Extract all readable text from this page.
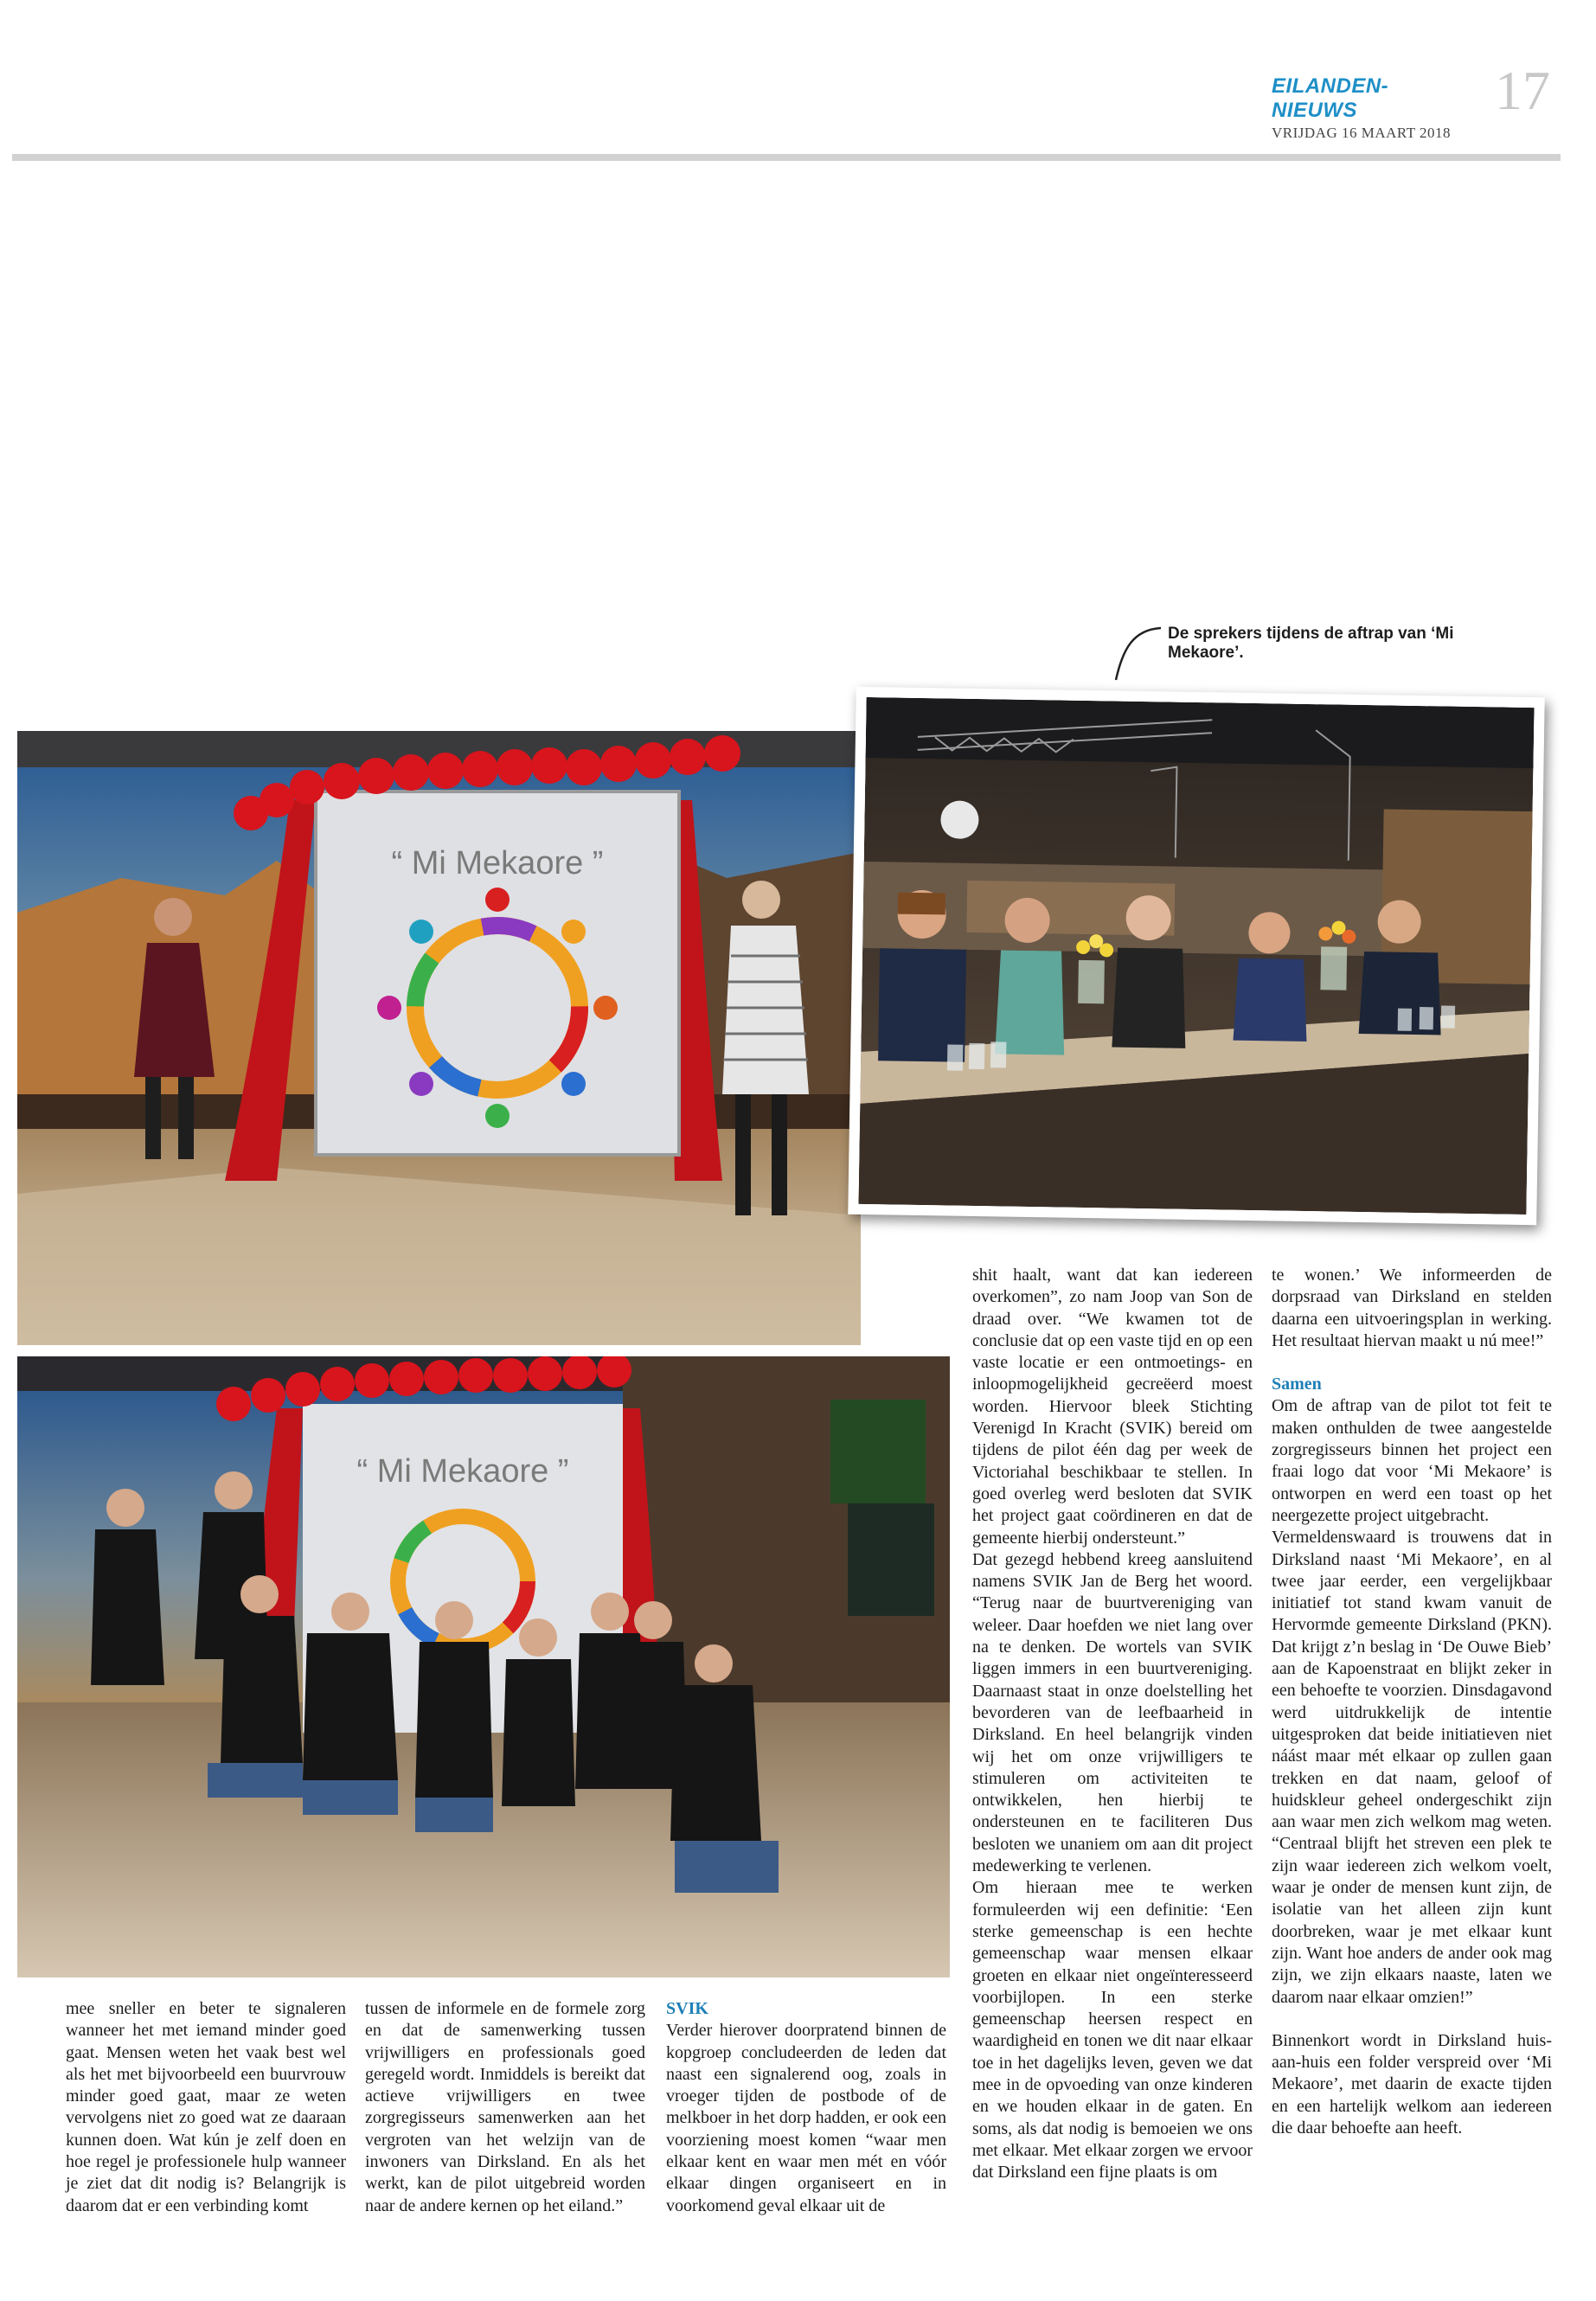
EILANDEN-NIEUWS
VRIJDAG 16 MAART 2018
17
De sprekers tijdens de aftrap van ‘Mi Mekaore’.
“ Mi Mekaore ”
“ Mi Mekaore ”

mee sneller en beter te signaleren wanneer het met iemand minder goed gaat. Mensen weten het vaak best wel als het met bijvoorbeeld een buurvrouw minder goed gaat, maar ze weten vervolgens niet zo goed wat ze daaraan kunnen doen. Wat kún je zelf doen en hoe regel je professionele hulp wanneer je ziet dat dit nodig is? Belangrijk is daarom dat er een verbinding komt

tussen de informele en de formele zorg en dat de samenwerking tussen vrijwilligers en professionals goed geregeld wordt. Inmiddels is bereikt dat actieve vrijwilligers en twee zorgregisseurs samenwerken aan het vergroten van het welzijn van de inwoners van Dirksland. En als het werkt, kan de pilot uitgebreid worden naar de andere kernen op het eiland.”

SVIK

Verder hierover doorpratend binnen de kopgroep concludeerden de leden dat naast een signalerend oog, zoals in vroeger tijden de postbode of de melkboer in het dorp hadden, er ook een voorziening moest komen “waar men elkaar kent en waar men mét en vóór elkaar dingen organiseert en in voorkomend geval elkaar uit de

shit haalt, want dat kan iedereen overkomen”, zo nam Joop van Son de draad over. “We kwamen tot de conclusie dat op een vaste tijd en op een vaste locatie er een ontmoetings- en inloopmogelijkheid gecreëerd moest worden. Hiervoor bleek Stichting Verenigd In Kracht (SVIK) bereid om tijdens de pilot één dag per week de Victoriahal beschikbaar te stellen. In goed overleg werd besloten dat SVIK het project gaat coördineren en dat de gemeente hierbij ondersteunt.”

Dat gezegd hebbend kreeg aansluitend namens SVIK Jan de Berg het woord. “Terug naar de buurtvereniging van weleer. Daar hoefden we niet lang over na te denken. De wortels van SVIK liggen immers in een buurtvereniging. Daarnaast staat in onze doelstelling het bevorderen van de leefbaarheid in Dirksland. En heel belangrijk vinden wij het om onze vrijwilligers te stimuleren om activiteiten te ontwikkelen, hen hierbij te ondersteunen en te faciliteren Dus besloten we unaniem om aan dit project medewerking te verlenen.

Om hieraan mee te werken formuleerden wij een definitie: ‘Een sterke gemeenschap is een hechte gemeenschap waar mensen elkaar groeten en elkaar niet ongeïnteresseerd voorbijlopen. In een sterke gemeenschap heersen respect en waardigheid en tonen we dit naar elkaar toe in het dagelijks leven, geven we dat mee in de opvoeding van onze kinderen en we houden elkaar in de gaten. En soms, als dat nodig is bemoeien we ons met elkaar. Met elkaar zorgen we ervoor dat Dirksland een fijne plaats is om

te wonen.’ We informeerden de dorpsraad van Dirksland en stelden daarna een uitvoeringsplan in werking. Het resultaat hiervan maakt u nú mee!”

Samen

Om de aftrap van de pilot tot feit te maken onthulden de twee aangestelde zorgregisseurs binnen het project een fraai logo dat voor ‘Mi Mekaore’ is ontworpen en werd een toast op het neergezette project uitgebracht.

Vermeldenswaard is trouwens dat in Dirksland naast ‘Mi Mekaore’, en al twee jaar eerder, een vergelijkbaar initiatief tot stand kwam vanuit de Hervormde gemeente Dirksland (PKN). Dat krijgt z’n beslag in ‘De Ouwe Bieb’ aan de Kapoenstraat en blijkt zeker in een behoefte te voorzien. Dinsdagavond werd uitdrukkelijk de intentie uitgesproken dat beide initiatieven niet náást maar mét elkaar op zullen gaan trekken en dat naam, geloof of huidskleur geheel ondergeschikt zijn aan waar men zich welkom mag weten. “Centraal blijft het streven een plek te zijn waar iedereen zich welkom voelt, waar je onder de mensen kunt zijn, de isolatie van het alleen zijn kunt doorbreken, waar je met elkaar kunt zijn. Want hoe anders de ander ook mag zijn, we zijn elkaars naaste, laten we daarom naar elkaar omzien!”

Binnenkort wordt in Dirksland huis-aan-huis een folder verspreid over ‘Mi Mekaore’, met daarin de exacte tijden en een hartelijk welkom aan iedereen die daar behoefte aan heeft.
